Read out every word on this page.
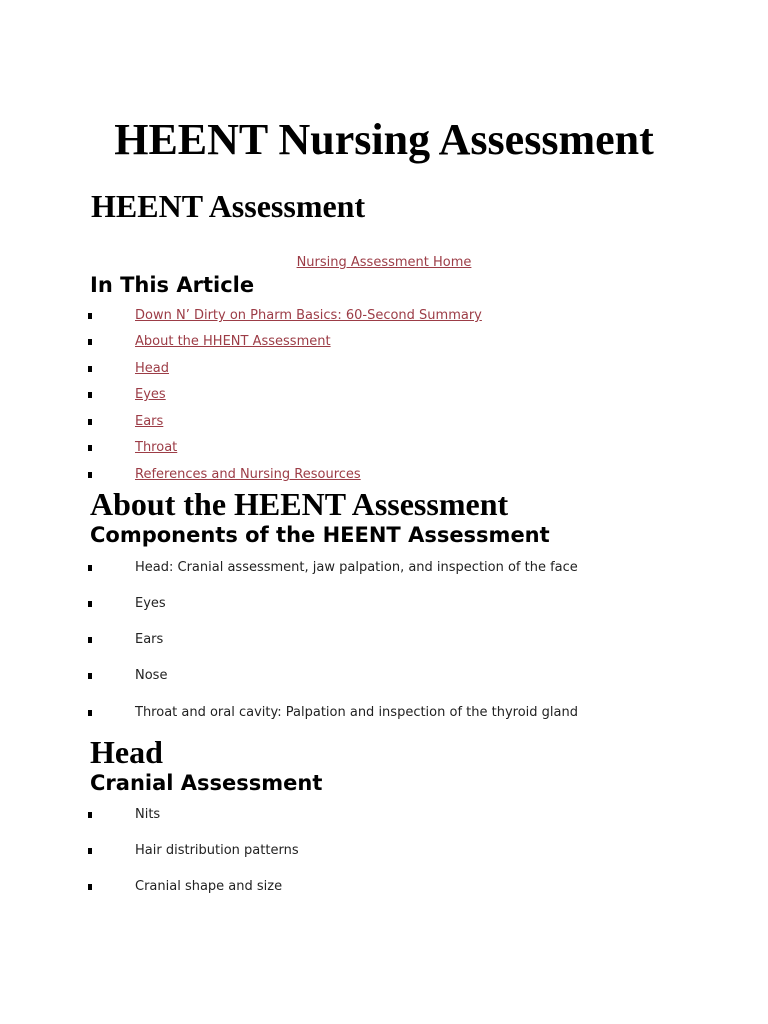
HEENT Nursing Assessment
HEENT Assessment
Nursing Assessment Home
In This Article
Down N’ Dirty on Pharm Basics: 60-Second Summary
About the HHENT Assessment
Head
Eyes
Ears
Throat
References and Nursing Resources
About the HEENT Assessment
Components of the HEENT Assessment
Head: Cranial assessment, jaw palpation, and inspection of the face
Eyes
Ears
Nose
Throat and oral cavity: Palpation and inspection of the thyroid gland
Head
Cranial Assessment
Nits
Hair distribution patterns
Cranial shape and size
